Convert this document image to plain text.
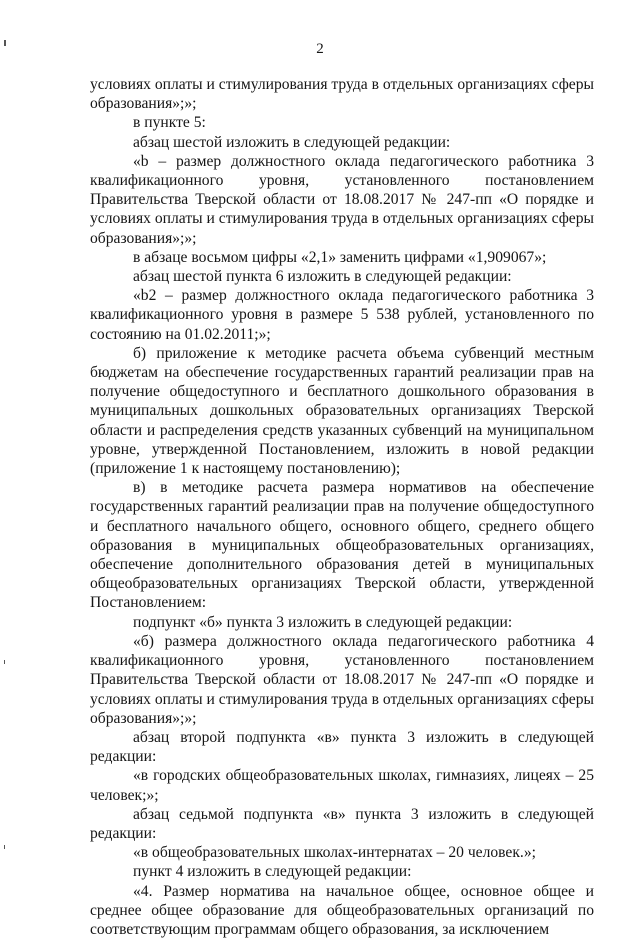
2

условиях оплаты и стимулирования труда в отдельных организациях сферы образования»;»;

в пункте 5:

абзац шестой изложить в следующей редакции:

«b – размер должностного оклада педагогического работника 3 квалификационного уровня, установленного постановлением Правительства Тверской области от 18.08.2017 № 247-пп «О порядке и условиях оплаты и стимулирования труда в отдельных организациях сферы образования»;»;

в абзаце восьмом цифры «2,1» заменить цифрами «1,909067»;

абзац шестой пункта 6 изложить в следующей редакции:

«b2 – размер должностного оклада педагогического работника 3 квалификационного уровня в размере 5 538 рублей, установленного по состоянию на 01.02.2011;»;

б) приложение к методике расчета объема субвенций местным бюджетам на обеспечение государственных гарантий реализации прав на получение общедоступного и бесплатного дошкольного образования в муниципальных дошкольных образовательных организациях Тверской области и распределения средств указанных субвенций на муниципальном уровне, утвержденной Постановлением, изложить в новой редакции (приложение 1 к настоящему постановлению);

в) в методике расчета размера нормативов на обеспечение государственных гарантий реализации прав на получение общедоступного и бесплатного начального общего, основного общего, среднего общего образования в муниципальных общеобразовательных организациях, обеспечение дополнительного образования детей в муниципальных общеобразовательных организациях Тверской области, утвержденной Постановлением:

подпункт «б» пункта 3 изложить в следующей редакции:

«б) размера должностного оклада педагогического работника 4 квалификационного уровня, установленного постановлением Правительства Тверской области от 18.08.2017 № 247-пп «О порядке и условиях оплаты и стимулирования труда в отдельных организациях сферы образования»;»;

абзац второй подпункта «в» пункта 3 изложить в следующей редакции:

«в городских общеобразовательных школах, гимназиях, лицеях – 25 человек;»;

абзац седьмой подпункта «в» пункта 3 изложить в следующей редакции:

«в общеобразовательных школах-интернатах – 20 человек.»;

пункт 4 изложить в следующей редакции:

«4. Размер норматива на начальное общее, основное общее и среднее общее образование для общеобразовательных организаций по соответствующим программам общего образования, за исключением
